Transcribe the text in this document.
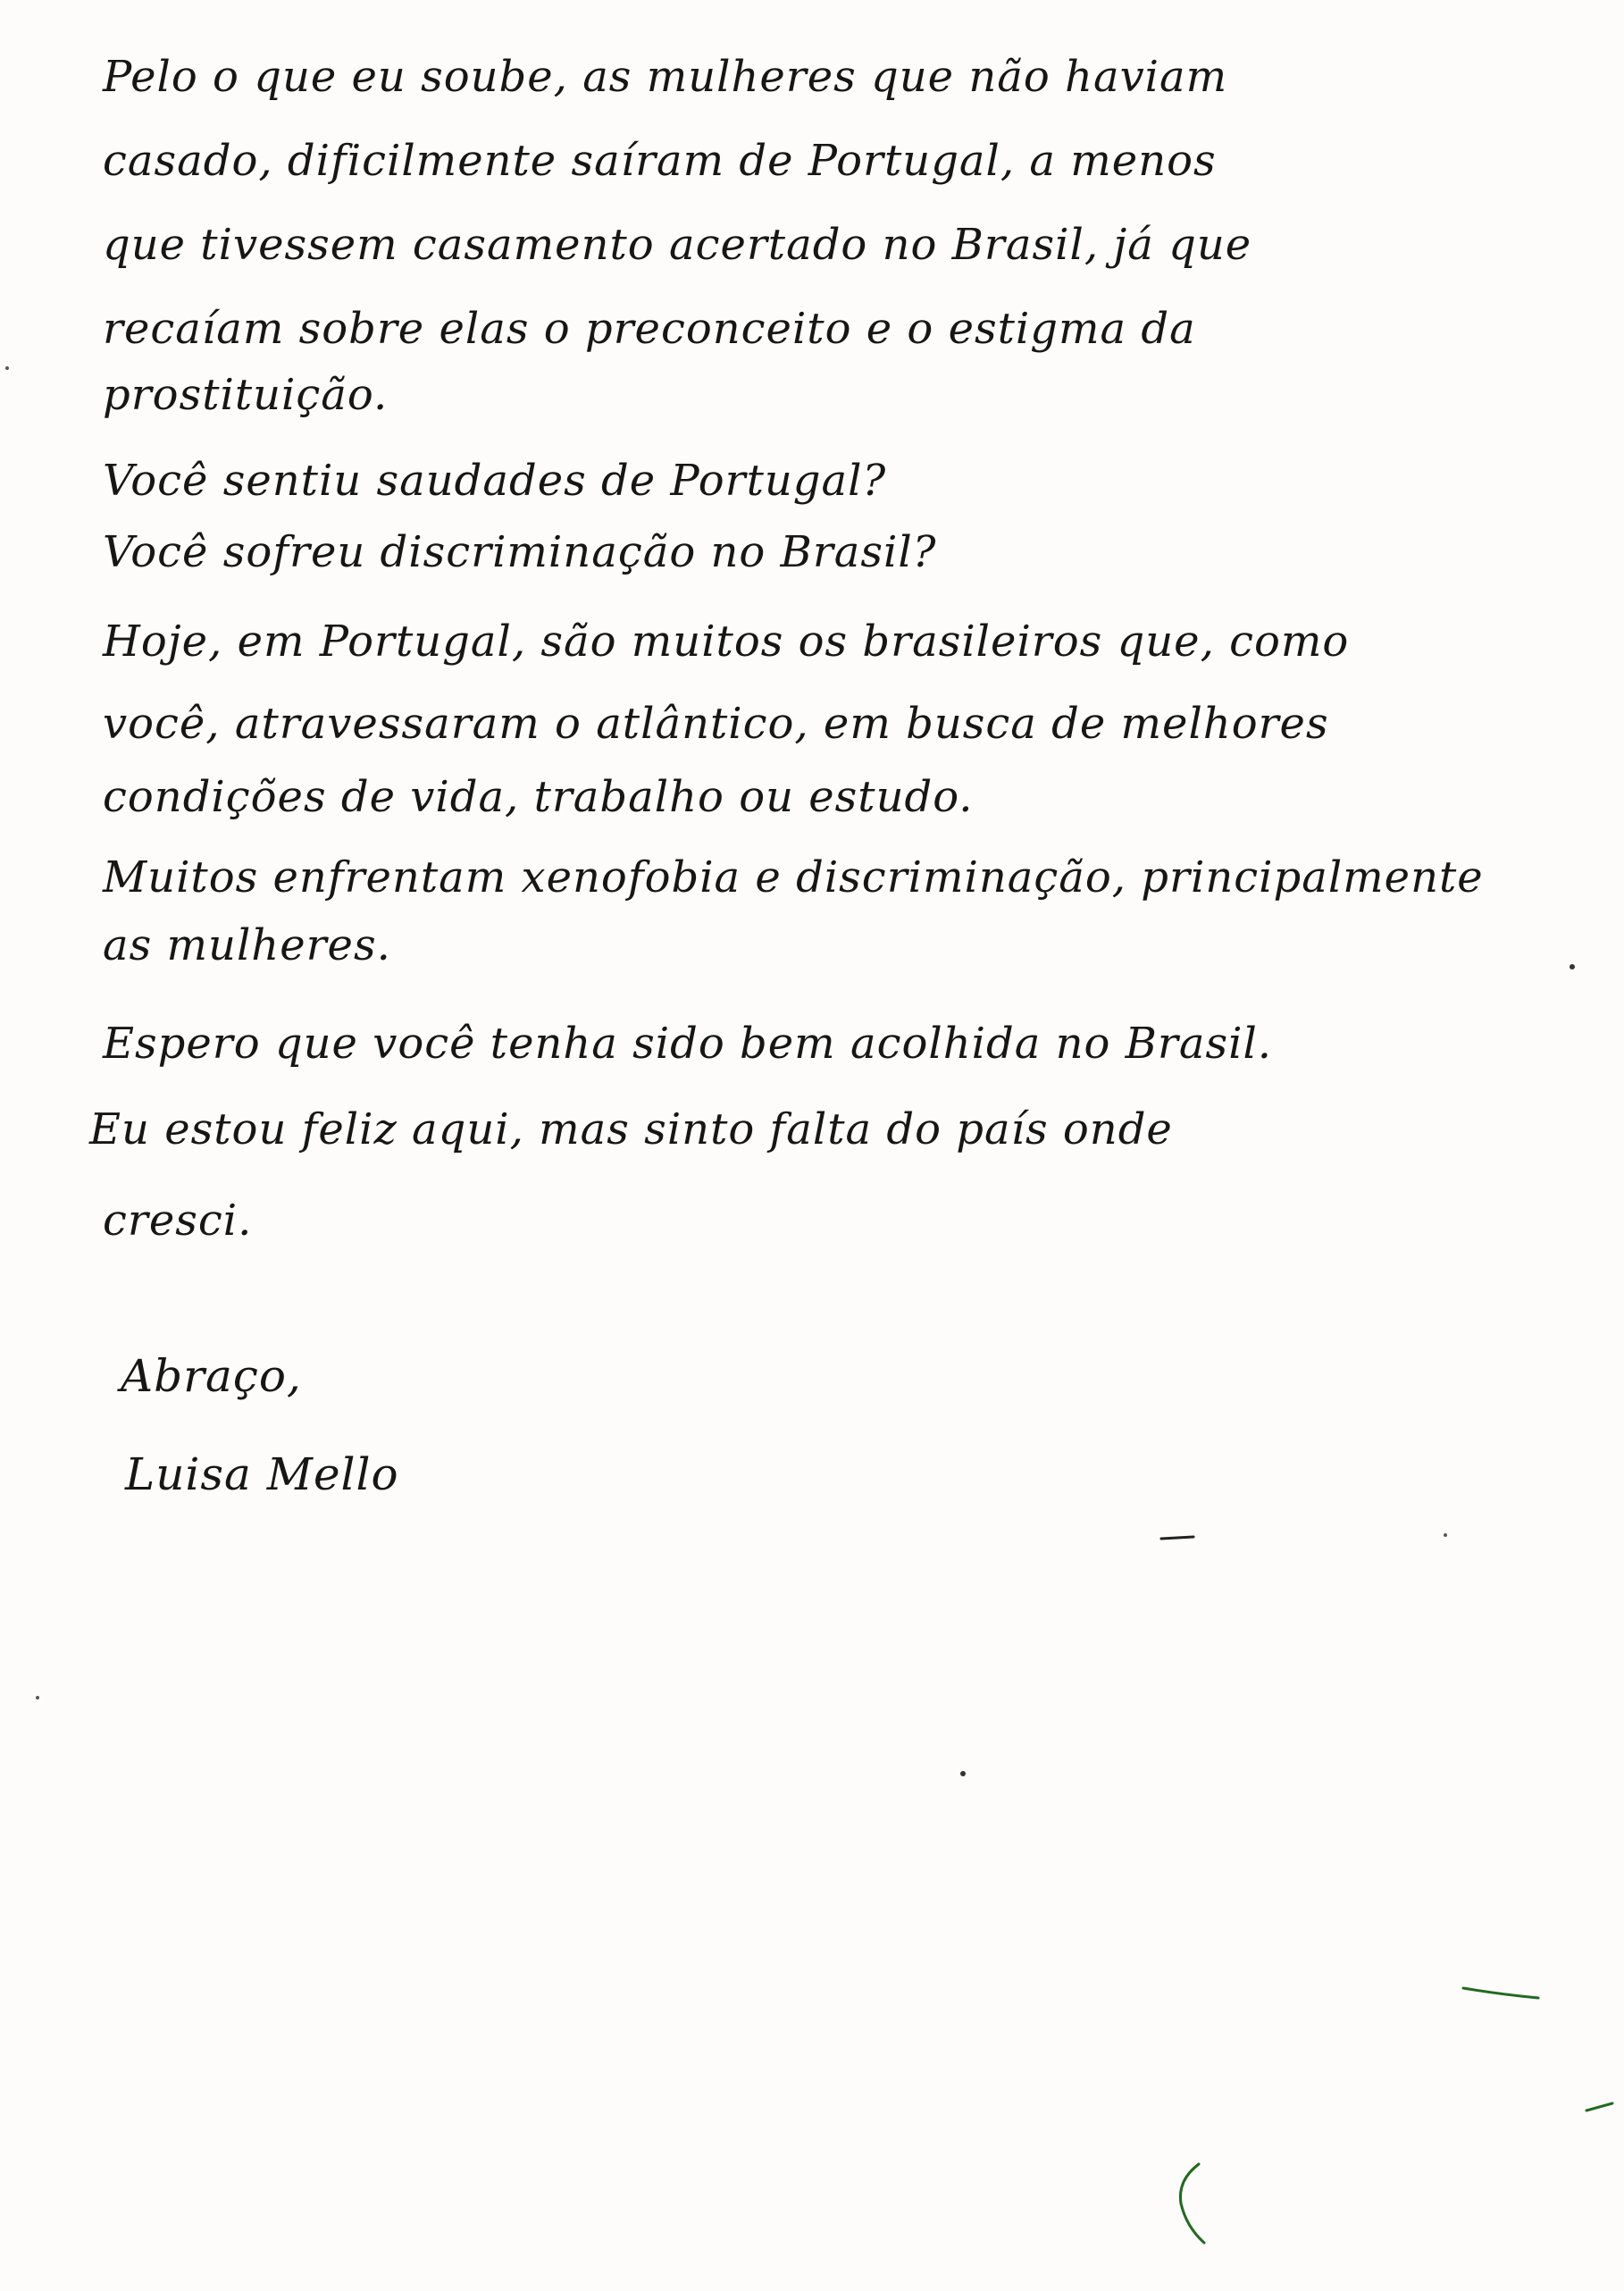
Pelo o que eu soube, as mulheres que não haviam
casado, dificilmente saíram de Portugal, a menos
que tivessem casamento acertado no Brasil, já que
recaíam sobre elas o preconceito e o estigma da
prostituição.
Você sentiu saudades de Portugal?
Você sofreu discriminação no Brasil?
Hoje, em Portugal, são muitos os brasileiros que, como
você, atravessaram o atlântico, em busca de melhores
condições de vida, trabalho ou estudo.
Muitos enfrentam xenofobia e discriminação, principalmente
as mulheres.
Espero que você tenha sido bem acolhida no Brasil.
Eu estou feliz aqui, mas sinto falta do país onde
cresci.
Abraço,
Luisa Mello
